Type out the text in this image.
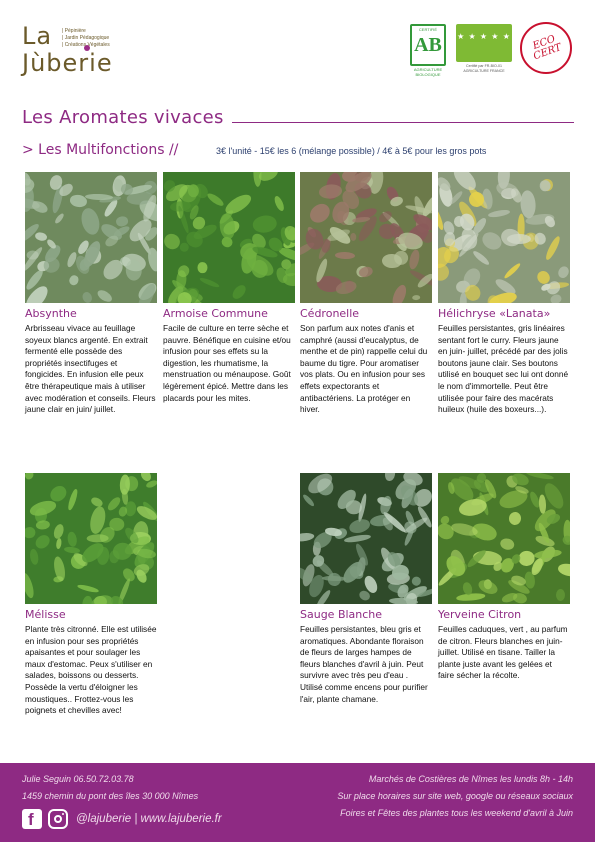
La | Pépinière
| Jardin Pédagogique
| Créations Végétales
Jùberie
CERTIFIÉ
AB
AGRICULTURE BIOLOGIQUE
★ ★ ★ ★ ★
Certifié par FR-BIO-01 AGRICULTURE FRANCE
ECO CERT
Les Aromates vivaces
> Les Multifonctions //	3€ l'unité - 15€ les 6 (mélange possible) / 4€ à 5€ pour les gros pots
Absynthe
Arbrisseau vivace au feuillage soyeux blancs argenté. En extrait fermenté elle possède des propriétés insectifuges et fongicides. En infusion elle peux être thérapeutique mais à utiliser avec modération et conseils. Fleurs jaune clair en juin/ juillet.
Armoise Commune
Facile de culture en terre sèche et pauvre. Bénéfique en cuisine et/ou infusion pour ses effets su la digestion, les rhumatisme, la menstruation ou ménaupose. Goût légèrement épicé. Mettre dans les placards pour les mites.
Cédronelle
Son parfum aux notes d'anis et camphré (aussi d'eucalyptus, de menthe et de pin) rappelle celui du baume du tigre. Pour aromatiser vos plats. Ou en infusion pour ses effets expectorants et antibactériens. La protéger en hiver.
Hélichryse «Lanata»
Feuilles persistantes, gris linéaires sentant fort le curry. Fleurs jaune en juin- juillet, précédé par des jolis boutons jaune clair. Ses boutons utilisé en bouquet sec lui ont donné le nom d'immortelle. Peut être utilisée pour faire des macérats huileux (huile des boxeurs...).
Mélisse
Plante très citronné. Elle est utilisée en infusion pour ses propriétés apaisantes et pour soulager les maux d'estomac. Peux s'utiliser en salades, boissons ou desserts. Possède la vertu d'éloigner les moustiques.. Frottez-vous les poignets et chevilles avec!
Sauge Blanche
Feuilles persistantes, bleu gris et aromatiques. Abondante floraison de fleurs de larges hampes de fleurs blanches d'avril à juin. Peut survivre avec très peu d'eau . Utilisé comme encens pour purifier l'air, plante chamane.
Yerveine Citron
Feuilles caduques, vert , au parfum de citron. Fleurs blanches en juin- juillet. Utilisé en tisane. Tailler la plante juste avant les gelées et faire sécher la récolte.
Julie Seguin 06.50.72.03.78
1459 chemin du pont des îles 30 000 Nîmes
f	@lajuberie | www.lajuberie.fr
Marchés de Costières de Nîmes les lundis 8h - 14h
Sur place horaires sur site web, google ou réseaux sociaux
Foires et Fêtes des plantes tous les weekend d'avril à Juin
